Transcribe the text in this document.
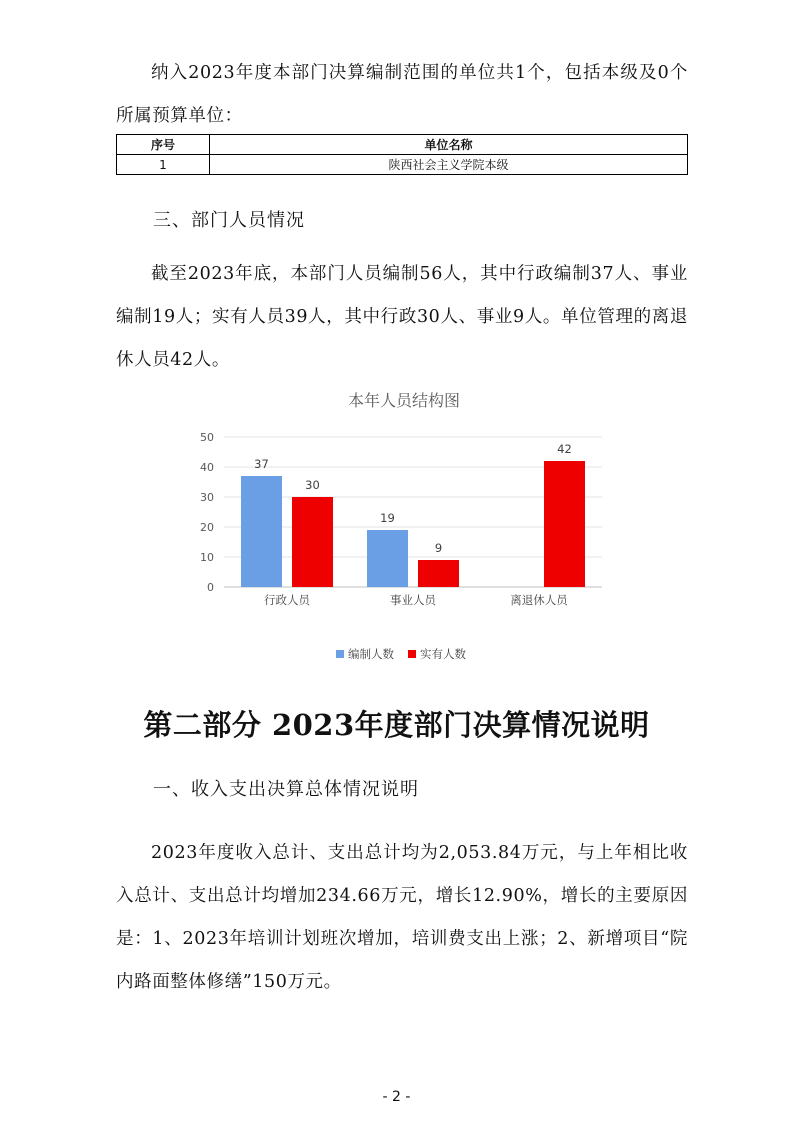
纳入2023年度本部门决算编制范围的单位共1个，包括本级及0个所属预算单位：

序号	单位名称
1	陕西社会主义学院本级
三、部门人员情况

截至2023年底，本部门人员编制56人，其中行政编制37人、事业编制19人；实有人员39人，其中行政30人、事业9人。单位管理的离退休人员42人。

本年人员结构图
0
10
20
30
40
50
行政人员
37
30
事业人员
19
9
离退休人员
42
编制人数 实有人数
第二部分 2023年度部门决算情况说明
一、收入支出决算总体情况说明

2023年度收入总计、支出总计均为2,053.84万元，与上年相比收入总计、支出总计均增加234.66万元，增长12.90%，增长的主要原因是：1、2023年培训计划班次增加，培训费支出上涨；2、新增项目“院内路面整体修缮”150万元。

- 2 -
